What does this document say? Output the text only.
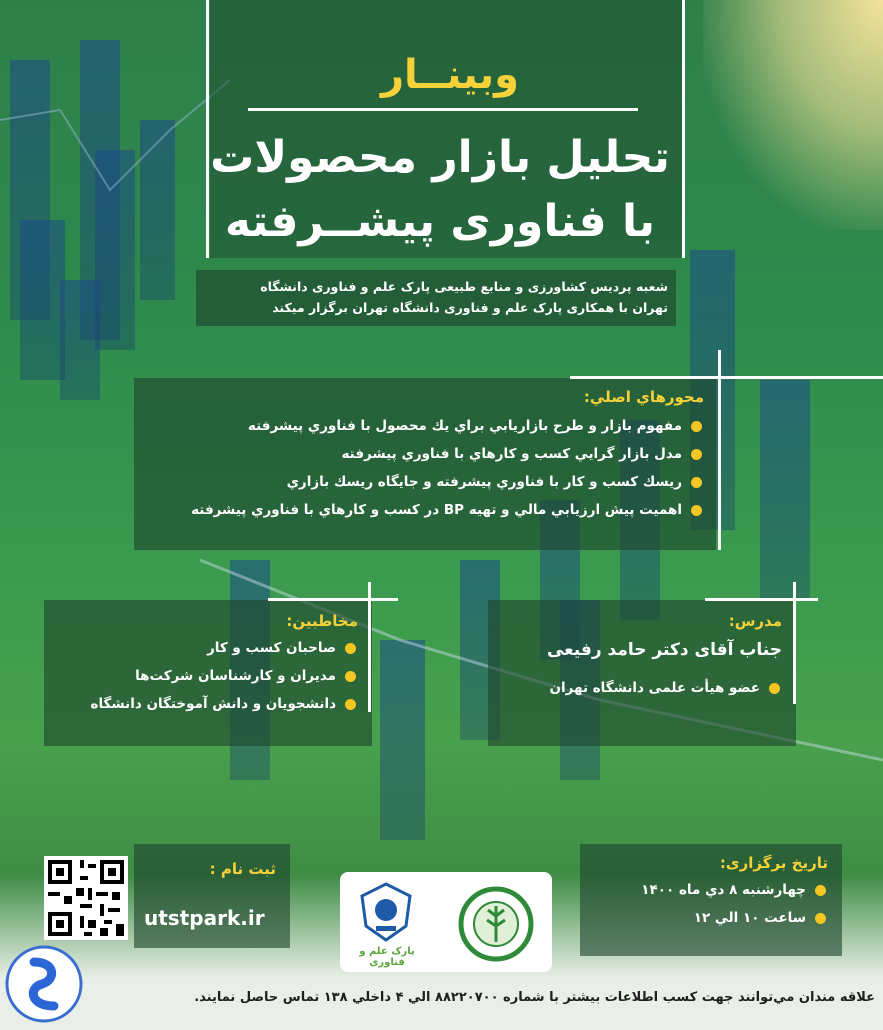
وبینــار
تحلیل بازار محصولات
با فناوری پیشــرفته
شعبه پردیس کشاورزی و منابع طبیعی پارک علم و فناوری دانشگاه
تهران با همکاری پارک علم و فناوری دانشگاه تهران برگزار میکند
محورهاي اصلي:
مفهوم بازار و طرح بازاريابي براي يك محصول با فناوري پيشرفته
مدل بازار گرايي كسب و كارهاي با فناوري پيشرفته
ريسك كسب و كار با فناوري پيشرفته و جايگاه ريسك بازاري
اهميت پيش ارزيابي مالي و تهيه BP در كسب و كارهاي با فناوري پيشرفته
مخاطبین:
صاحبان کسب و کار
مدیران و کارشناسان شرکت‌ها
دانشجویان و دانش آموختگان دانشگاه
مدرس:
جناب آقای دکتر حامد رفیعی
عضو هیأت علمی دانشگاه تهران
تاریخ برگزاری:
چهارشنبه ۸ دي ماه ۱۴۰۰
ساعت ۱۰ الي ۱۲
پارک علم و فناوری
ثبت نام :
utstpark.ir
علاقه مندان مي‌توانند جهت كسب اطلاعات بيشتر با شماره ۸۸۲۲۰۷۰۰ الي ۴ داخلي ۱۳۸ تماس حاصل نمايند.
